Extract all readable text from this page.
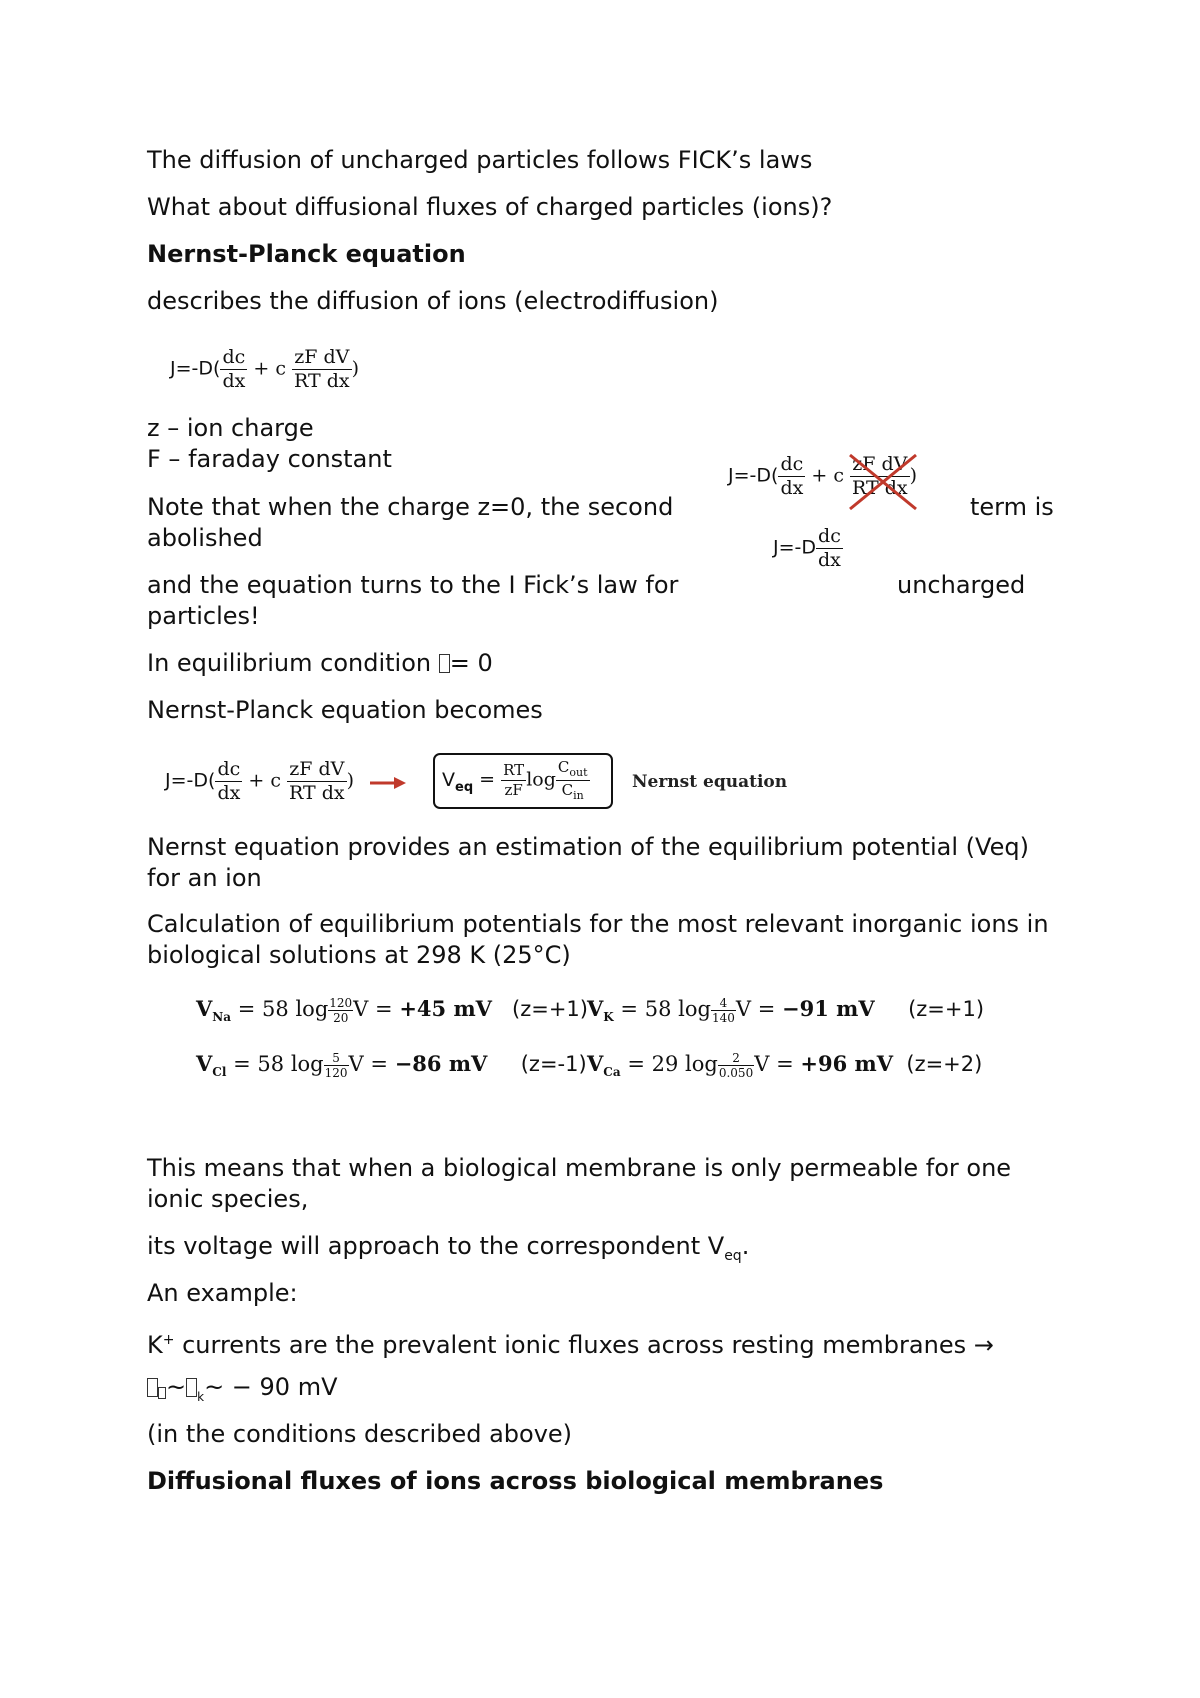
The diffusion of uncharged particles follows FICK’s laws
What about diffusional fluxes of charged particles (ions)?
Nernst-Planck equation
describes the diffusion of ions (electrodiffusion)
$J=-D( \frac{dc}{dx} + c \frac{\text{zF dV}}{\text{RT dx}}$ )
z – ion charge
F – faraday constant
$J=-D( \frac{dc}{dx} + c \frac{\text{zF dV}}{\text{RT dx}}$ )
Note that when the charge z=0, the second	term is
abolished	$J=-D \frac{dc}{dx}$
and the equation turns to the I Fick’s law for	uncharged
particles!
In equilibrium condition = 0
Nernst-Planck equation becomes
$J=-D( \frac{dc}{dx} + c \frac{\text{zF dV}}{\text{RT dx}}$ )	$V_{eq} = \frac{RT}{zF}$ $\log \frac{C_{out}}{C_{in}}$	Nernst equation
Nernst equation provides an estimation of the equilibrium potential (Veq)
for an ion
Calculation of equilibrium potentials for the most relevant inorganic ions in
biological solutions at 298 K (25°C)
$V_{Na} = 58$ $\log \frac{120}{20}$ V = +45 mV (z=+1) $V_K = 58$ $\log \frac{4}{140}$ V = −91 mV (z=+1)
$V_{Cl} = 58$ $\log \frac{5}{120}$ V = −86 mV (z=-1) $V_{Ca} = 29$ $\log \frac{2}{0.050}$ V = +96 mV (z=+2)
This means that when a biological membrane is only permeable for one
ionic species,
its voltage will approach to the correspondent $V_{eq}$.
An example:
K+ currents are the prevalent ionic fluxes across resting membranes →
~ $_k$~ − 90 mV
(in the conditions described above)
Diffusional fluxes of ions across biological membranes
